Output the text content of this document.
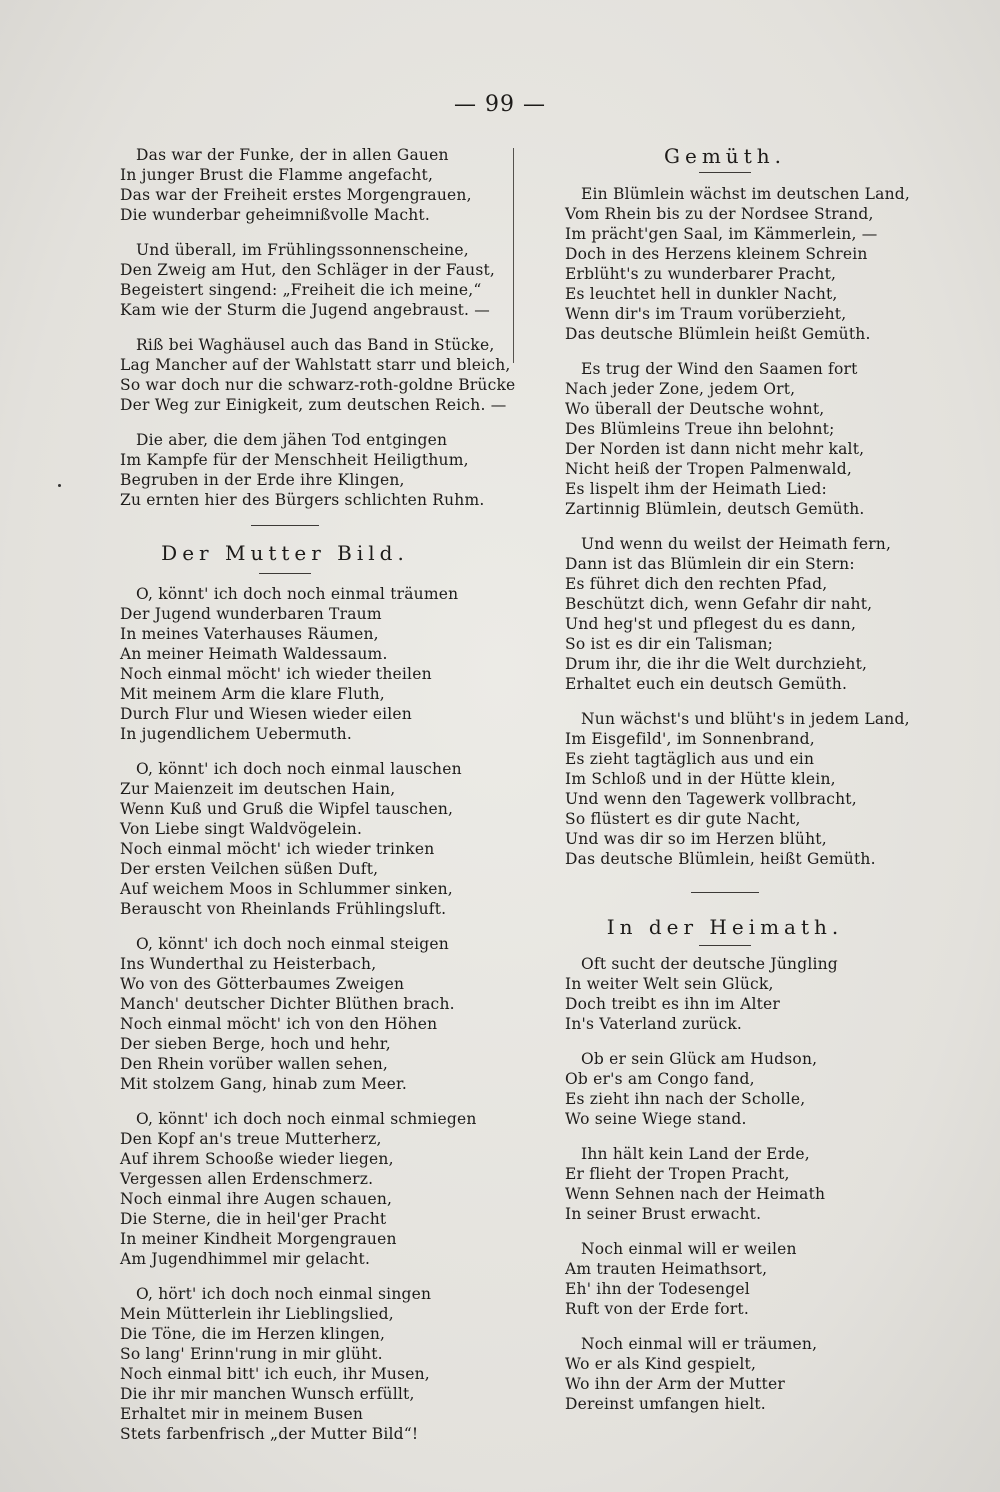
— 99 —
Das war der Funke, der in allen Gauen
In junger Brust die Flamme angefacht,
Das war der Freiheit erstes Morgengrauen,
Die wunderbar geheimnißvolle Macht.
Und überall, im Frühlingssonnenscheine,
Den Zweig am Hut, den Schläger in der Faust,
Begeistert singend: „Freiheit die ich meine,“
Kam wie der Sturm die Jugend angebraust. —
Riß bei Waghäusel auch das Band in Stücke,
Lag Mancher auf der Wahlstatt starr und bleich,
So war doch nur die schwarz-roth-goldne Brücke
Der Weg zur Einigkeit, zum deutschen Reich. —
Die aber, die dem jähen Tod entgingen
Im Kampfe für der Menschheit Heiligthum,
Begruben in der Erde ihre Klingen,
Zu ernten hier des Bürgers schlichten Ruhm.
Der Mutter Bild.
O, könnt' ich doch noch einmal träumen
Der Jugend wunderbaren Traum
In meines Vaterhauses Räumen,
An meiner Heimath Waldessaum.
Noch einmal möcht' ich wieder theilen
Mit meinem Arm die klare Fluth,
Durch Flur und Wiesen wieder eilen
In jugendlichem Uebermuth.
O, könnt' ich doch noch einmal lauschen
Zur Maienzeit im deutschen Hain,
Wenn Kuß und Gruß die Wipfel tauschen,
Von Liebe singt Waldvögelein.
Noch einmal möcht' ich wieder trinken
Der ersten Veilchen süßen Duft,
Auf weichem Moos in Schlummer sinken,
Berauscht von Rheinlands Frühlingsluft.
O, könnt' ich doch noch einmal steigen
Ins Wunderthal zu Heisterbach,
Wo von des Götterbaumes Zweigen
Manch' deutscher Dichter Blüthen brach.
Noch einmal möcht' ich von den Höhen
Der sieben Berge, hoch und hehr,
Den Rhein vorüber wallen sehen,
Mit stolzem Gang, hinab zum Meer.
O, könnt' ich doch noch einmal schmiegen
Den Kopf an's treue Mutterherz,
Auf ihrem Schooße wieder liegen,
Vergessen allen Erdenschmerz.
Noch einmal ihre Augen schauen,
Die Sterne, die in heil'ger Pracht
In meiner Kindheit Morgengrauen
Am Jugendhimmel mir gelacht.
O, hört' ich doch noch einmal singen
Mein Mütterlein ihr Lieblingslied,
Die Töne, die im Herzen klingen,
So lang' Erinn'rung in mir glüht.
Noch einmal bitt' ich euch, ihr Musen,
Die ihr mir manchen Wunsch erfüllt,
Erhaltet mir in meinem Busen
Stets farbenfrisch „der Mutter Bild“!
Gemüth.
Ein Blümlein wächst im deutschen Land,
Vom Rhein bis zu der Nordsee Strand,
Im prächt'gen Saal, im Kämmerlein, —
Doch in des Herzens kleinem Schrein
Erblüht's zu wunderbarer Pracht,
Es leuchtet hell in dunkler Nacht,
Wenn dir's im Traum vorüberzieht,
Das deutsche Blümlein heißt Gemüth.
Es trug der Wind den Saamen fort
Nach jeder Zone, jedem Ort,
Wo überall der Deutsche wohnt,
Des Blümleins Treue ihn belohnt;
Der Norden ist dann nicht mehr kalt,
Nicht heiß der Tropen Palmenwald,
Es lispelt ihm der Heimath Lied:
Zartinnig Blümlein, deutsch Gemüth.
Und wenn du weilst der Heimath fern,
Dann ist das Blümlein dir ein Stern:
Es führet dich den rechten Pfad,
Beschützt dich, wenn Gefahr dir naht,
Und heg'st und pflegest du es dann,
So ist es dir ein Talisman;
Drum ihr, die ihr die Welt durchzieht,
Erhaltet euch ein deutsch Gemüth.
Nun wächst's und blüht's in jedem Land,
Im Eisgefild', im Sonnenbrand,
Es zieht tagtäglich aus und ein
Im Schloß und in der Hütte klein,
Und wenn den Tagewerk vollbracht,
So flüstert es dir gute Nacht,
Und was dir so im Herzen blüht,
Das deutsche Blümlein, heißt Gemüth.
In der Heimath.
Oft sucht der deutsche Jüngling
In weiter Welt sein Glück,
Doch treibt es ihn im Alter
In's Vaterland zurück.
Ob er sein Glück am Hudson,
Ob er's am Congo fand,
Es zieht ihn nach der Scholle,
Wo seine Wiege stand.
Ihn hält kein Land der Erde,
Er flieht der Tropen Pracht,
Wenn Sehnen nach der Heimath
In seiner Brust erwacht.
Noch einmal will er weilen
Am trauten Heimathsort,
Eh' ihn der Todesengel
Ruft von der Erde fort.
Noch einmal will er träumen,
Wo er als Kind gespielt,
Wo ihn der Arm der Mutter
Dereinst umfangen hielt.
